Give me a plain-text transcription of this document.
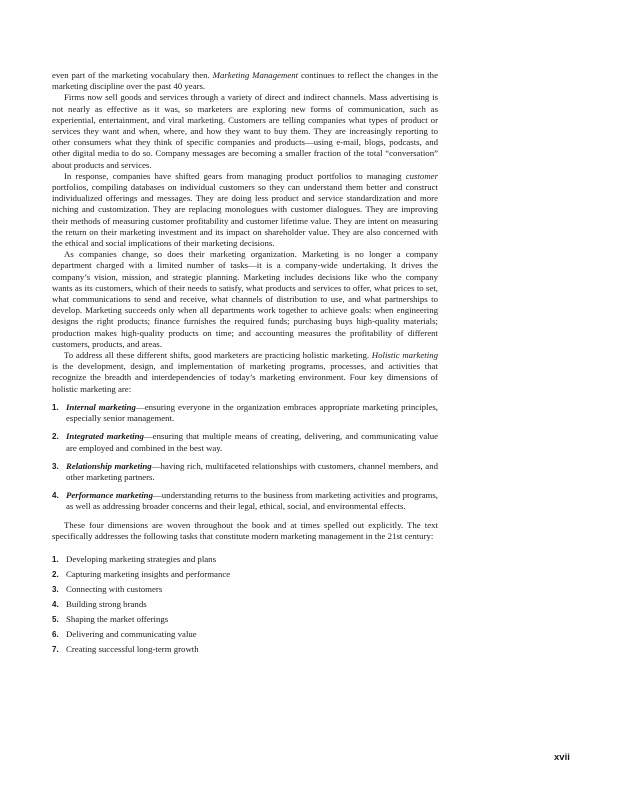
even part of the marketing vocabulary then. Marketing Management continues to reflect the changes in the marketing discipline over the past 40 years.

Firms now sell goods and services through a variety of direct and indirect channels. Mass advertising is not nearly as effective as it was, so marketers are exploring new forms of communication, such as experiential, entertainment, and viral marketing. Customers are telling companies what types of product or services they want and when, where, and how they want to buy them. They are increasingly reporting to other consumers what they think of specific companies and products—using e-mail, blogs, podcasts, and other digital media to do so. Company messages are becoming a smaller fraction of the total “conversation” about products and services.

In response, companies have shifted gears from managing product portfolios to managing customer portfolios, compiling databases on individual customers so they can understand them better and construct individualized offerings and messages. They are doing less product and service standardization and more niching and customization. They are replacing monologues with customer dialogues. They are improving their methods of measuring customer profitability and customer lifetime value. They are intent on measuring the return on their marketing investment and its impact on shareholder value. They are also concerned with the ethical and social implications of their marketing decisions.

As companies change, so does their marketing organization. Marketing is no longer a company department charged with a limited number of tasks—it is a company-wide undertaking. It drives the company’s vision, mission, and strategic planning. Marketing includes decisions like who the company wants as its customers, which of their needs to satisfy, what products and services to offer, what prices to set, what communications to send and receive, what channels of distribution to use, and what partnerships to develop. Marketing succeeds only when all departments work together to achieve goals: when engineering designs the right products; finance furnishes the required funds; purchasing buys high-quality materials; production makes high-quality products on time; and accounting measures the profitability of different customers, products, and areas.

To address all these different shifts, good marketers are practicing holistic marketing. Holistic marketing is the development, design, and implementation of marketing programs, processes, and activities that recognize the breadth and interdependencies of today’s marketing environment. Four key dimensions of holistic marketing are:

1. Internal marketing—ensuring everyone in the organization embraces appropriate marketing principles, especially senior management.
2. Integrated marketing—ensuring that multiple means of creating, delivering, and communicating value are employed and combined in the best way.
3. Relationship marketing—having rich, multifaceted relationships with customers, channel members, and other marketing partners.
4. Performance marketing—understanding returns to the business from marketing activities and programs, as well as addressing broader concerns and their legal, ethical, social, and environmental effects.

These four dimensions are woven throughout the book and at times spelled out explicitly. The text specifically addresses the following tasks that constitute modern marketing management in the 21st century:

1. Developing marketing strategies and plans
2. Capturing marketing insights and performance
3. Connecting with customers
4. Building strong brands
5. Shaping the market offerings
6. Delivering and communicating value
7. Creating successful long-term growth
xvii
